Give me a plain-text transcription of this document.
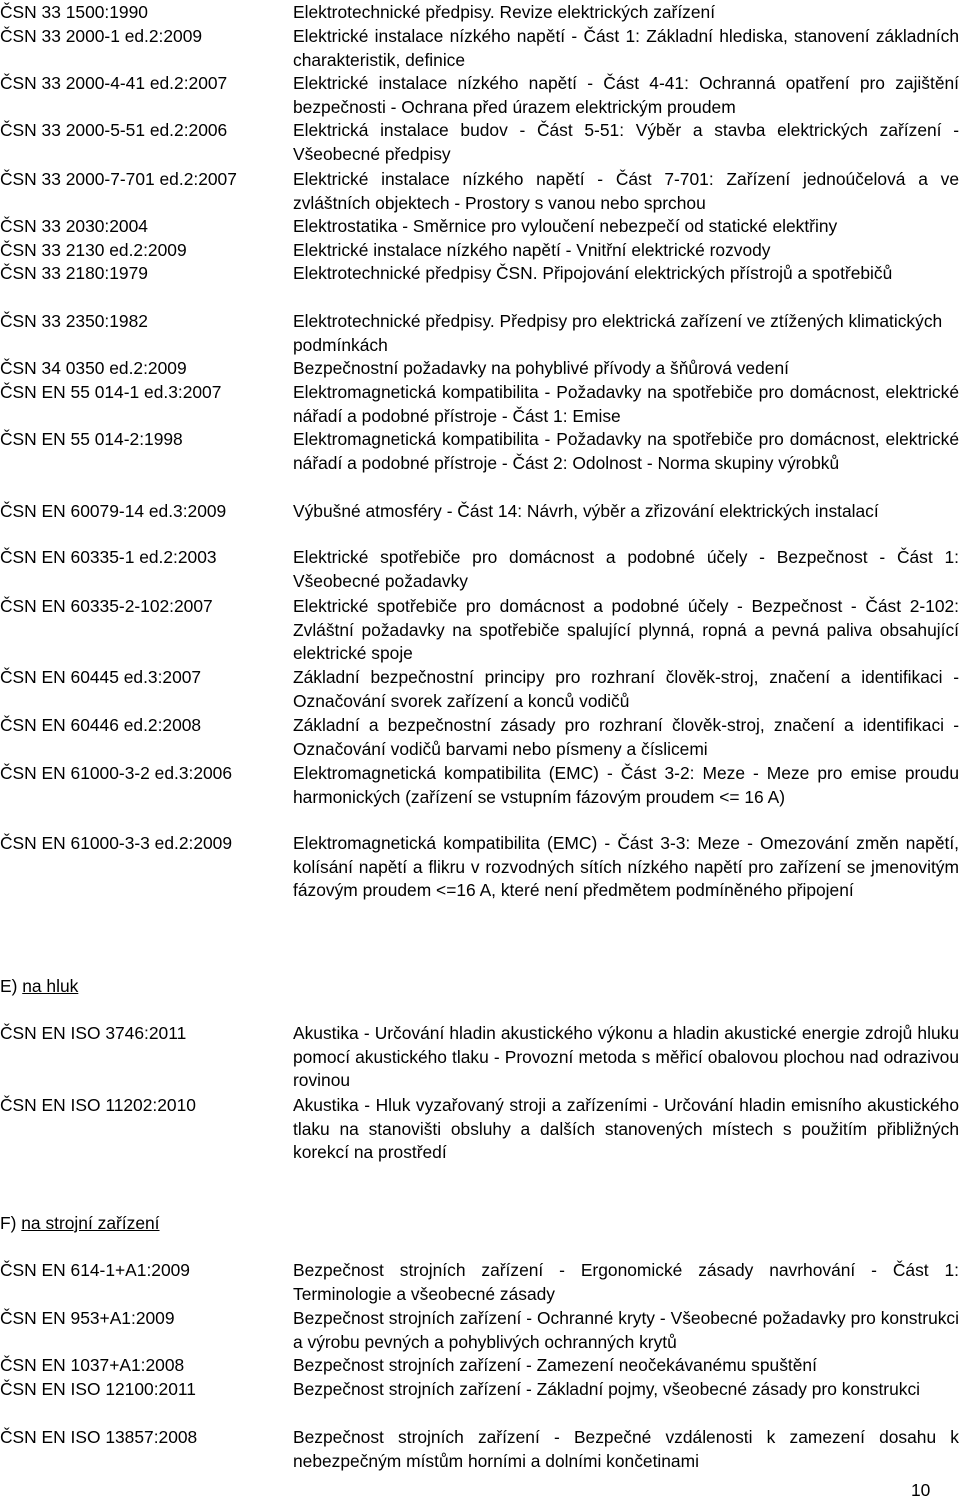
ČSN 33 1500:1990	Elektrotechnické předpisy. Revize elektrických zařízení
ČSN 33 2000-1 ed.2:2009	Elektrické instalace nízkého napětí - Část 1: Základní hlediska, stanovení základních charakteristik, definice
ČSN 33 2000-4-41 ed.2:2007	Elektrické instalace nízkého napětí - Část 4-41: Ochranná opatření pro zajištění bezpečnosti - Ochrana před úrazem elektrickým proudem
ČSN 33 2000-5-51 ed.2:2006	Elektrická instalace budov - Část 5-51: Výběr a stavba elektrických zařízení - Všeobecné předpisy
ČSN 33 2000-7-701 ed.2:2007	Elektrické instalace nízkého napětí - Část 7-701: Zařízení jednoúčelová a ve zvláštních objektech - Prostory s vanou nebo sprchou
ČSN 33 2030:2004	Elektrostatika - Směrnice pro vyloučení nebezpečí od statické elektřiny
ČSN 33 2130 ed.2:2009	Elektrické instalace nízkého napětí - Vnitřní elektrické rozvody
ČSN 33 2180:1979	Elektrotechnické předpisy ČSN. Připojování elektrických přístrojů a spotřebičů
ČSN 33 2350:1982	Elektrotechnické předpisy. Předpisy pro elektrická zařízení ve ztížených klimatických podmínkách
ČSN 34 0350 ed.2:2009	Bezpečnostní požadavky na pohyblivé přívody a šňůrová vedení
ČSN EN 55 014-1 ed.3:2007	Elektromagnetická kompatibilita - Požadavky na spotřebiče pro domácnost, elektrické nářadí a podobné přístroje - Část 1: Emise
ČSN EN 55 014-2:1998	Elektromagnetická kompatibilita - Požadavky na spotřebiče pro domácnost, elektrické nářadí a podobné přístroje - Část 2: Odolnost - Norma skupiny výrobků
ČSN EN 60079-14 ed.3:2009	Výbušné atmosféry - Část 14: Návrh, výběr a zřizování elektrických instalací
ČSN EN 60335-1 ed.2:2003	Elektrické spotřebiče pro domácnost a podobné účely - Bezpečnost - Část 1: Všeobecné požadavky
ČSN EN 60335-2-102:2007	Elektrické spotřebiče pro domácnost a podobné účely - Bezpečnost - Část 2-102: Zvláštní požadavky na spotřebiče spalující plynná, ropná a pevná paliva obsahující elektrické spoje
ČSN EN 60445 ed.3:2007	Základní bezpečnostní principy pro rozhraní člověk-stroj, značení a identifikaci - Označování svorek zařízení a konců vodičů
ČSN EN 60446 ed.2:2008	Základní a bezpečnostní zásady pro rozhraní člověk-stroj, značení a identifikaci - Označování vodičů barvami nebo písmeny a číslicemi
ČSN EN 61000-3-2 ed.3:2006	Elektromagnetická kompatibilita (EMC) - Část 3-2: Meze - Meze pro emise proudu harmonických (zařízení se vstupním fázovým proudem <= 16 A)
ČSN EN 61000-3-3 ed.2:2009	Elektromagnetická kompatibilita (EMC) - Část 3-3: Meze - Omezování změn napětí, kolísání napětí a flikru v rozvodných sítích nízkého napětí pro zařízení se jmenovitým fázovým proudem <=16 A, které není předmětem podmíněného připojení
E) na hluk
ČSN EN ISO 3746:2011	Akustika - Určování hladin akustického výkonu a hladin akustické energie zdrojů hluku pomocí akustického tlaku - Provozní metoda s měřicí obalovou plochou nad odrazivou rovinou
ČSN EN ISO 11202:2010	Akustika - Hluk vyzařovaný stroji a zařízeními - Určování hladin emisního akustického tlaku na stanovišti obsluhy a dalších stanovených místech s použitím přibližných korekcí na prostředí
F) na strojní zařízení
ČSN EN 614-1+A1:2009	Bezpečnost strojních zařízení - Ergonomické zásady navrhování - Část 1: Terminologie a všeobecné zásady
ČSN EN 953+A1:2009	Bezpečnost strojních zařízení - Ochranné kryty - Všeobecné požadavky pro konstrukci a výrobu pevných a pohyblivých ochranných krytů
ČSN EN 1037+A1:2008	Bezpečnost strojních zařízení - Zamezení neočekávanému spuštění
ČSN EN ISO 12100:2011	Bezpečnost strojních zařízení - Základní pojmy, všeobecné zásady pro konstrukci
ČSN EN ISO 13857:2008	Bezpečnost strojních zařízení - Bezpečné vzdálenosti k zamezení dosahu k nebezpečným místům horními a dolními končetinami
10
